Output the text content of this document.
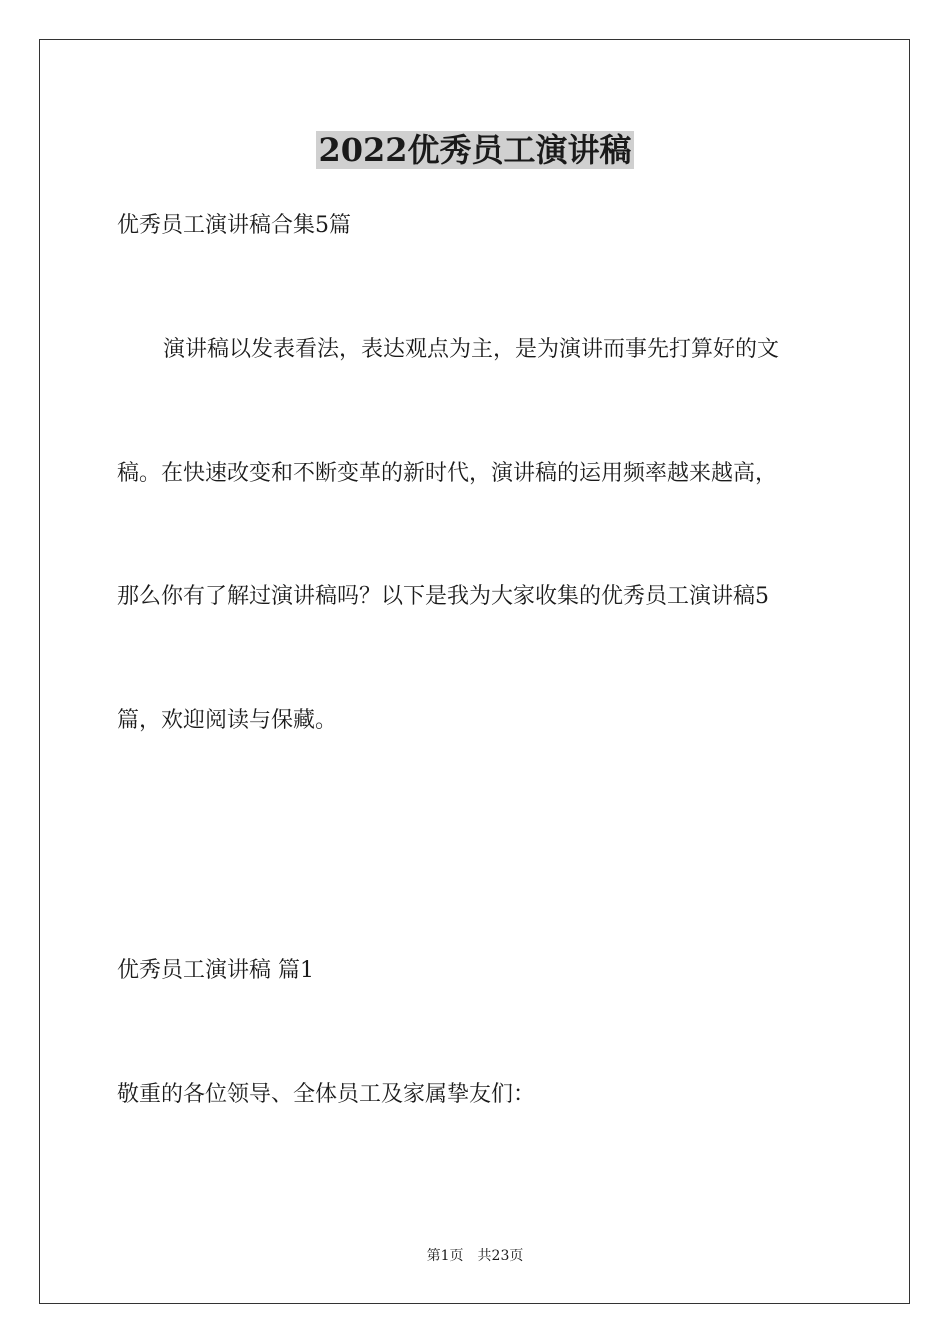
2022优秀员工演讲稿
优秀员工演讲稿合集5篇
演讲稿以发表看法，表达观点为主，是为演讲而事先打算好的文
稿。在快速改变和不断变革的新时代，演讲稿的运用频率越来越高，
那么你有了解过演讲稿吗？以下是我为大家收集的优秀员工演讲稿5
篇，欢迎阅读与保藏。
优秀员工演讲稿 篇1
敬重的各位领导、全体员工及家属挚友们：
第1页　共23页
